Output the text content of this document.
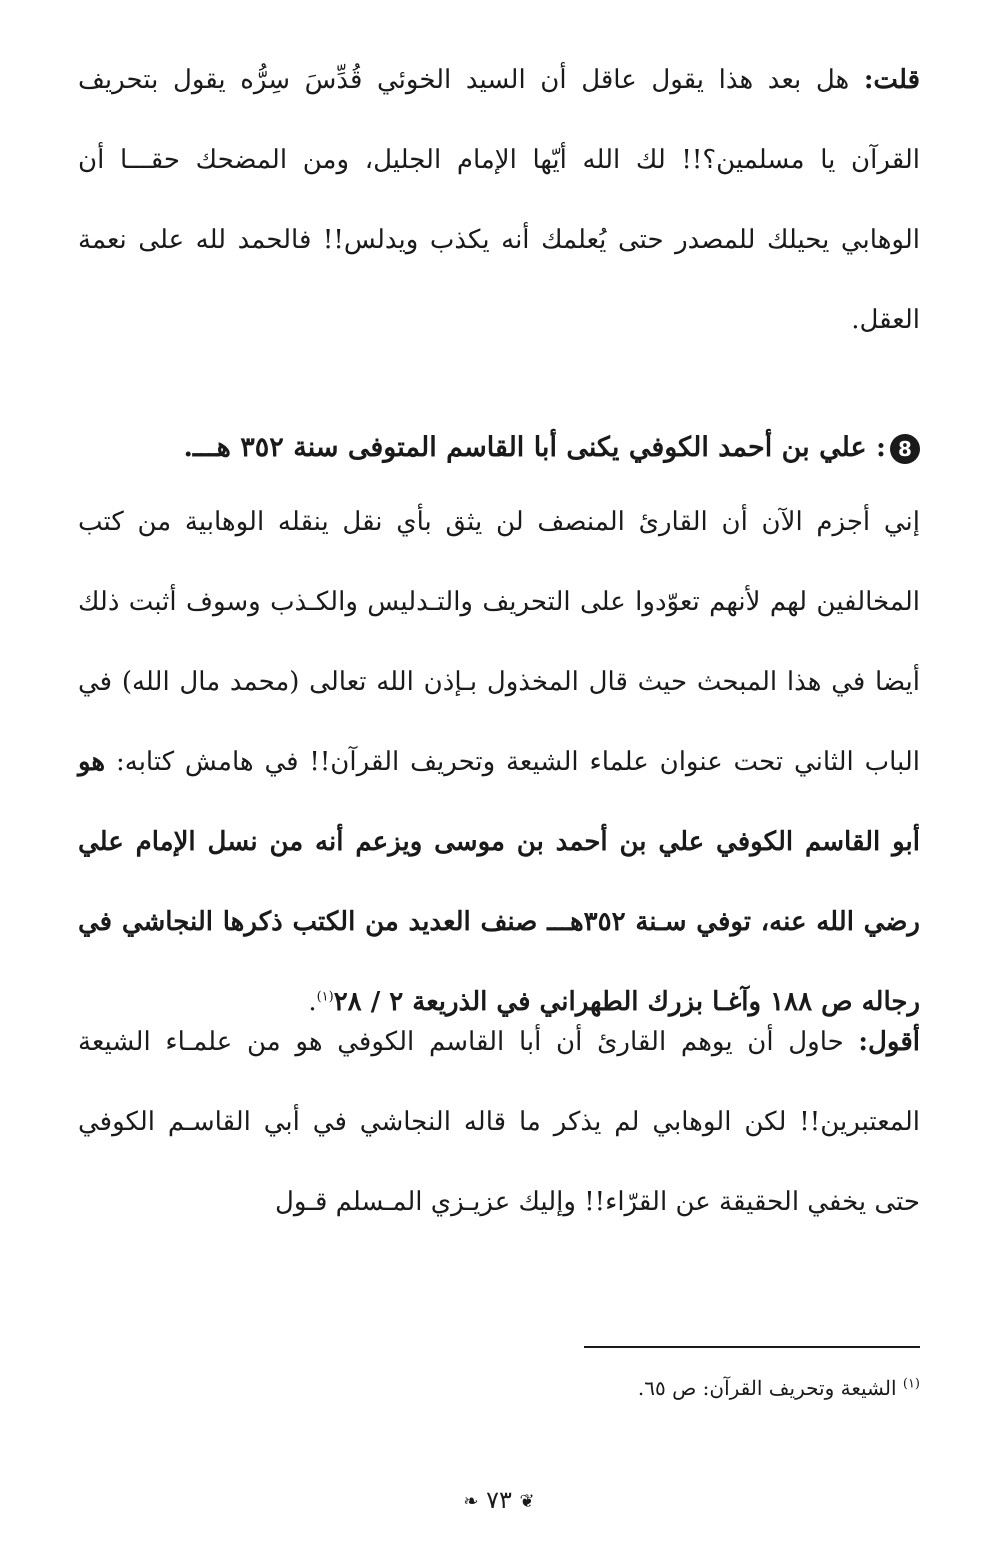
قلت: هل بعد هذا يقول عاقل أن السيد الخوئي قُدِّسَ سِرُّه يقول بتحريف القرآن يا مسلمين؟!! لك الله أيّها الإمام الجليل، ومن المضحك حقـــا أن الوهابي يحيلك للمصدر حتى يُعلمك أنه يكذب ويدلس!! فالحمد لله على نعمة العقل.

8: علي بن أحمد الكوفي يكنى أبا القاسم المتوفى سنة ٣٥٢ هـــ.

إني أجزم الآن أن القارئ المنصف لن يثق بأي نقل ينقله الوهابية من كتب المخالفين لهم لأنهم تعوّدوا على التحريف والتـدليس والكـذب وسوف أثبت ذلك أيضا في هذا المبحث حيث قال المخذول بـإذن الله تعالى (محمد مال الله) في الباب الثاني تحت عنوان علماء الشيعة وتحريف القرآن!! في هامش كتابه: هو أبو القاسم الكوفي علي بن أحمد بن موسى ويزعم أنه من نسل الإمام علي رضي الله عنه، توفي سـنة ٣٥٢هـــ صنف العديد من الكتب ذكرها النجاشي في رجاله ص ١٨٨ وآغـا بزرك الطهراني في الذريعة ٢ / ٢٨$^{(١)}$.

أقول: حاول أن يوهم القارئ أن أبا القاسم الكوفي هو من علمـاء الشيعة المعتبرين!! لكن الوهابي لم يذكر ما قاله النجاشي في أبي القاسـم الكوفي حتى يخفي الحقيقة عن القرّاء!! وإليك عزيـزي المـسلم قـول

$^{(١)}$ الشيعة وتحريف القرآن: ص ٦٥.
❦ ٧٣ ❧
